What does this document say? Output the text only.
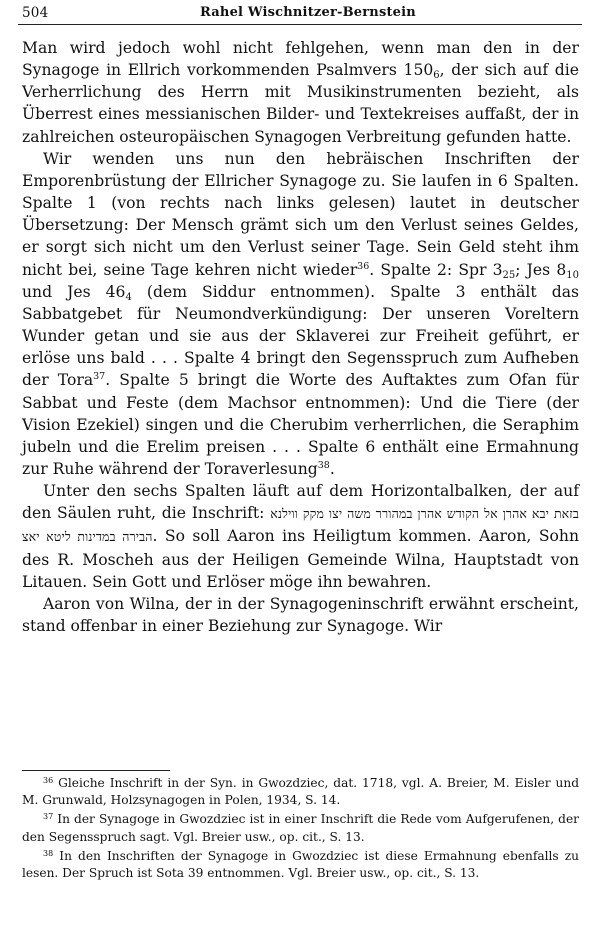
504	Rahel Wischnitzer-Bernstein

Man wird jedoch wohl nicht fehlgehen, wenn man den in der Synagoge in Ellrich vorkommenden Psalmvers $150_6$, der sich auf die Verherrlichung des Herrn mit Musikinstrumenten bezieht, als Überrest eines messianischen Bilder- und Textekreises auffaßt, der in zahlreichen osteuropäischen Synagogen Verbreitung gefunden hatte.

Wir wenden uns nun den hebräischen Inschriften der Emporenbrüstung der Ellricher Synagoge zu. Sie laufen in 6 Spalten. Spalte 1 (von rechts nach links gelesen) lautet in deutscher Übersetzung: Der Mensch grämt sich um den Verlust seines Geldes, er sorgt sich nicht um den Verlust seiner Tage. Sein Geld steht ihm nicht bei, seine Tage kehren nicht wieder$^{36}$. Spalte 2: Spr $3_{25}$; Jes $8_{10}$ und Jes $46_4$ (dem Siddur entnommen). Spalte 3 enthält das Sabbatgebet für Neumondverkündigung: Der unseren Voreltern Wunder getan und sie aus der Sklaverei zur Freiheit geführt, er erlöse uns bald . . . Spalte 4 bringt den Segensspruch zum Aufheben der Tora$^{37}$. Spalte 5 bringt die Worte des Auftaktes zum Ofan für Sabbat und Feste (dem Machsor entnommen): Und die Tiere (der Vision Ezekiel) singen und die Cherubim verherrlichen, die Seraphim jubeln und die Erelim preisen . . . Spalte 6 enthält eine Ermahnung zur Ruhe während der Toraverlesung$^{38}$.

Unter den sechs Spalten läuft auf dem Horizontalbalken, der auf den Säulen ruht, die Inschrift: בזאת יבא אהרן אל הקודש אהרן במהורר משה יצו מקק ווילנא הבירה במדינות ליטא יאצ. So soll Aaron ins Heiligtum kommen. Aaron, Sohn des R. Moscheh aus der Heiligen Gemeinde Wilna, Hauptstadt von Litauen. Sein Gott und Erlöser möge ihn bewahren.

Aaron von Wilna, der in der Synagogeninschrift erwähnt erscheint, stand offenbar in einer Beziehung zur Synagoge. Wir

$^{36}$ Gleiche Inschrift in der Syn. in Gwozdziec, dat. 1718, vgl. A. Breier, M. Eisler und M. Grunwald, Holzsynagogen in Polen, 1934, S. 14.

$^{37}$ In der Synagoge in Gwozdziec ist in einer Inschrift die Rede vom Aufgerufenen, der den Segensspruch sagt. Vgl. Breier usw., op. cit., S. 13.

$^{38}$ In den Inschriften der Synagoge in Gwozdziec ist diese Ermahnung ebenfalls zu lesen. Der Spruch ist Sota 39 entnommen. Vgl. Breier usw., op. cit., S. 13.
